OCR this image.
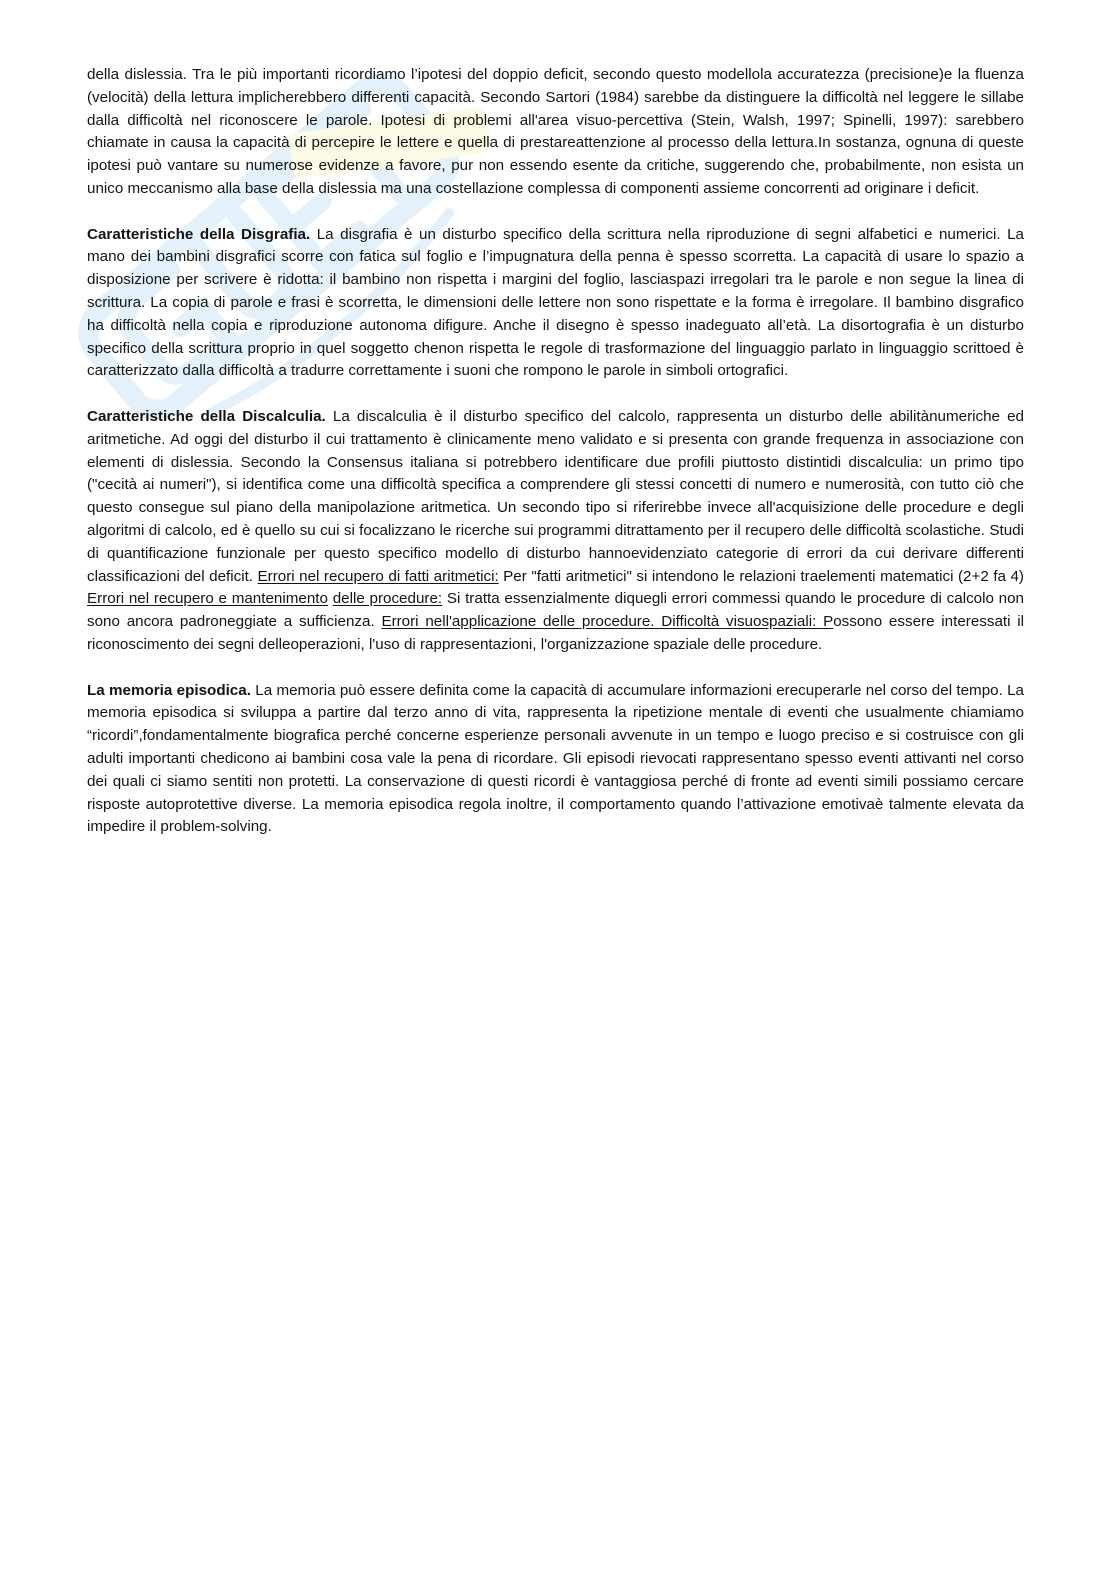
della dislessia. Tra le più importanti ricordiamo l’ipotesi del doppio deficit, secondo questo modellola accuratezza (precisione)e la fluenza (velocità) della lettura implicherebbero differenti capacità. Secondo Sartori (1984) sarebbe da distinguere la difficoltà nel leggere le sillabe dalla difficoltà nel riconoscere le parole. Ipotesi di problemi all'area visuo-percettiva (Stein, Walsh, 1997; Spinelli, 1997): sarebbero chiamate in causa la capacità di percepire le lettere e quella di prestareattenzione al processo della lettura.In sostanza, ognuna di queste ipotesi può vantare su numerose evidenze a favore, pur non essendo esente da critiche, suggerendo che, probabilmente, non esista un unico meccanismo alla base della dislessia ma una costellazione complessa di componenti assieme concorrenti ad originare i deficit.

Caratteristiche della Disgrafia. La disgrafia è un disturbo specifico della scrittura nella riproduzione di segni alfabetici e numerici. La mano dei bambini disgrafici scorre con fatica sul foglio e l’impugnatura della penna è spesso scorretta. La capacità di usare lo spazio a disposizione per scrivere è ridotta: il bambino non rispetta i margini del foglio, lasciaspazi irregolari tra le parole e non segue la linea di scrittura. La copia di parole e frasi è scorretta, le dimensioni delle lettere non sono rispettate e la forma è irregolare. Il bambino disgrafico ha difficoltà nella copia e riproduzione autonoma difigure. Anche il disegno è spesso inadeguato all’età. La disortografia è un disturbo specifico della scrittura proprio in quel soggetto chenon rispetta le regole di trasformazione del linguaggio parlato in linguaggio scrittoed è caratterizzato dalla difficoltà a tradurre correttamente i suoni che rompono le parole in simboli ortografici.

Caratteristiche della Discalculia. La discalculia è il disturbo specifico del calcolo, rappresenta un disturbo delle abilitànumeriche ed aritmetiche. Ad oggi del disturbo il cui trattamento è clinicamente meno validato e si presenta con grande frequenza in associazione con elementi di dislessia. Secondo la Consensus italiana si potrebbero identificare due profili piuttosto distintidi discalculia: un primo tipo ("cecità ai numeri"), si identifica come una difficoltà specifica a comprendere gli stessi concetti di numero e numerosità, con tutto ciò che questo consegue sul piano della manipolazione aritmetica. Un secondo tipo si riferirebbe invece all'acquisizione delle procedure e degli algoritmi di calcolo, ed è quello su cui si focalizzano le ricerche sui programmi ditrattamento per il recupero delle difficoltà scolastiche. Studi di quantificazione funzionale per questo specifico modello di disturbo hannoevidenziato categorie di errori da cui derivare differenti classificazioni del deficit. Errori nel recupero di fatti aritmetici: Per "fatti aritmetici" si intendono le relazioni traelementi matematici (2+2 fa 4) Errori nel recupero e mantenimento delle procedure: Si tratta essenzialmente diquegli errori commessi quando le procedure di calcolo non sono ancora padroneggiate a sufficienza. Errori nell'applicazione delle procedure. Difficoltà visuospaziali: Possono essere interessati il riconoscimento dei segni delleoperazioni, l'uso di rappresentazioni, l'organizzazione spaziale delle procedure.

La memoria episodica. La memoria può essere definita come la capacità di accumulare informazioni erecuperarle nel corso del tempo. La memoria episodica si sviluppa a partire dal terzo anno di vita, rappresenta la ripetizione mentale di eventi che usualmente chiamiamo “ricordi”,fondamentalmente biografica perché concerne esperienze personali avvenute in un tempo e luogo preciso e si costruisce con gli adulti importanti chedicono ai bambini cosa vale la pena di ricordare. Gli episodi rievocati rappresentano spesso eventi attivanti nel corso dei quali ci siamo sentiti non protetti. La conservazione di questi ricordi è vantaggiosa perché di fronte ad eventi simili possiamo cercare risposte autoprotettive diverse. La memoria episodica regola inoltre, il comportamento quando l’attivazione emotivaè talmente elevata da impedire il problem-solving.
